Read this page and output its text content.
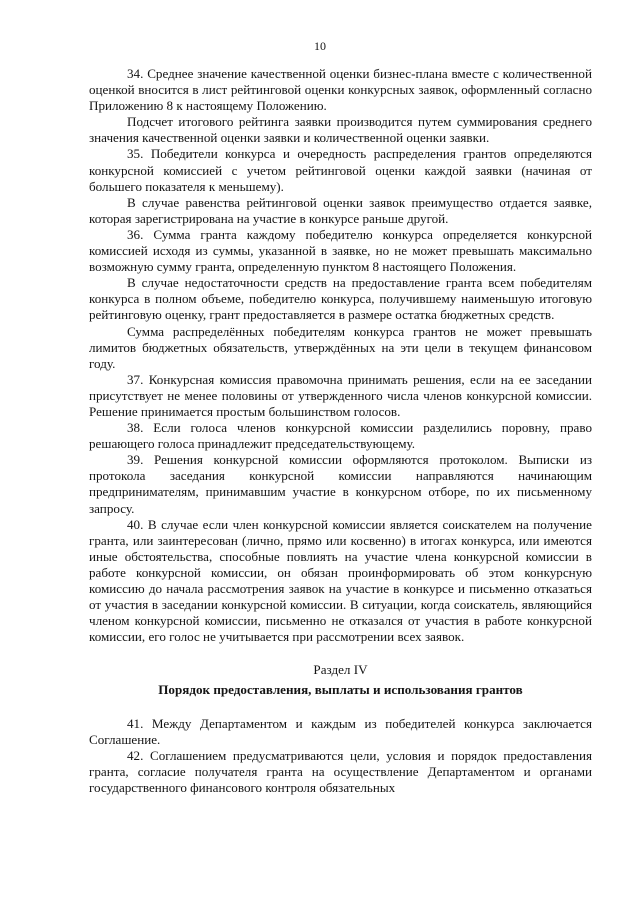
10

34. Среднее значение качественной оценки бизнес-плана вместе с количественной оценкой вносится в лист рейтинговой оценки конкурсных заявок, оформленный согласно Приложению 8 к настоящему Положению.

Подсчет итогового рейтинга заявки производится путем суммирования среднего значения качественной оценки заявки и количественной оценки заявки.

35. Победители конкурса и очередность распределения грантов определяются конкурсной комиссией с учетом рейтинговой оценки каждой заявки (начиная от большего показателя к меньшему).

В случае равенства рейтинговой оценки заявок преимущество отдается заявке, которая зарегистрирована на участие в конкурсе раньше другой.

36. Сумма гранта каждому победителю конкурса определяется конкурсной комиссией исходя из суммы, указанной в заявке, но не может превышать максимально возможную сумму гранта, определенную пунктом 8 настоящего Положения.

В случае недостаточности средств на предоставление гранта всем победителям конкурса в полном объеме, победителю конкурса, получившему наименьшую итоговую рейтинговую оценку, грант предоставляется в размере остатка бюджетных средств.

Сумма распределённых победителям конкурса грантов не может превышать лимитов бюджетных обязательств, утверждённых на эти цели в текущем финансовом году.

37. Конкурсная комиссия правомочна принимать решения, если на ее заседании присутствует не менее половины от утвержденного числа членов конкурсной комиссии. Решение принимается простым большинством голосов.

38. Если голоса членов конкурсной комиссии разделились поровну, право решающего голоса принадлежит председательствующему.

39. Решения конкурсной комиссии оформляются протоколом. Выписки из протокола заседания конкурсной комиссии направляются начинающим предпринимателям, принимавшим участие в конкурсном отборе, по их письменному запросу.

40. В случае если член конкурсной комиссии является соискателем на получение гранта, или заинтересован (лично, прямо или косвенно) в итогах конкурса, или имеются иные обстоятельства, способные повлиять на участие члена конкурсной комиссии в работе конкурсной комиссии, он обязан проинформировать об этом конкурсную комиссию до начала рассмотрения заявок на участие в конкурсе и письменно отказаться от участия в заседании конкурсной комиссии. В ситуации, когда соискатель, являющийся членом конкурсной комиссии, письменно не отказался от участия в работе конкурсной комиссии, его голос не учитывается при рассмотрении всех заявок.

Раздел IV

Порядок предоставления, выплаты и использования грантов

41. Между Департаментом и каждым из победителей конкурса заключается Соглашение.

42. Соглашением предусматриваются цели, условия и порядок предоставления гранта, согласие получателя гранта на осуществление Департаментом и органами государственного финансового контроля обязательных
